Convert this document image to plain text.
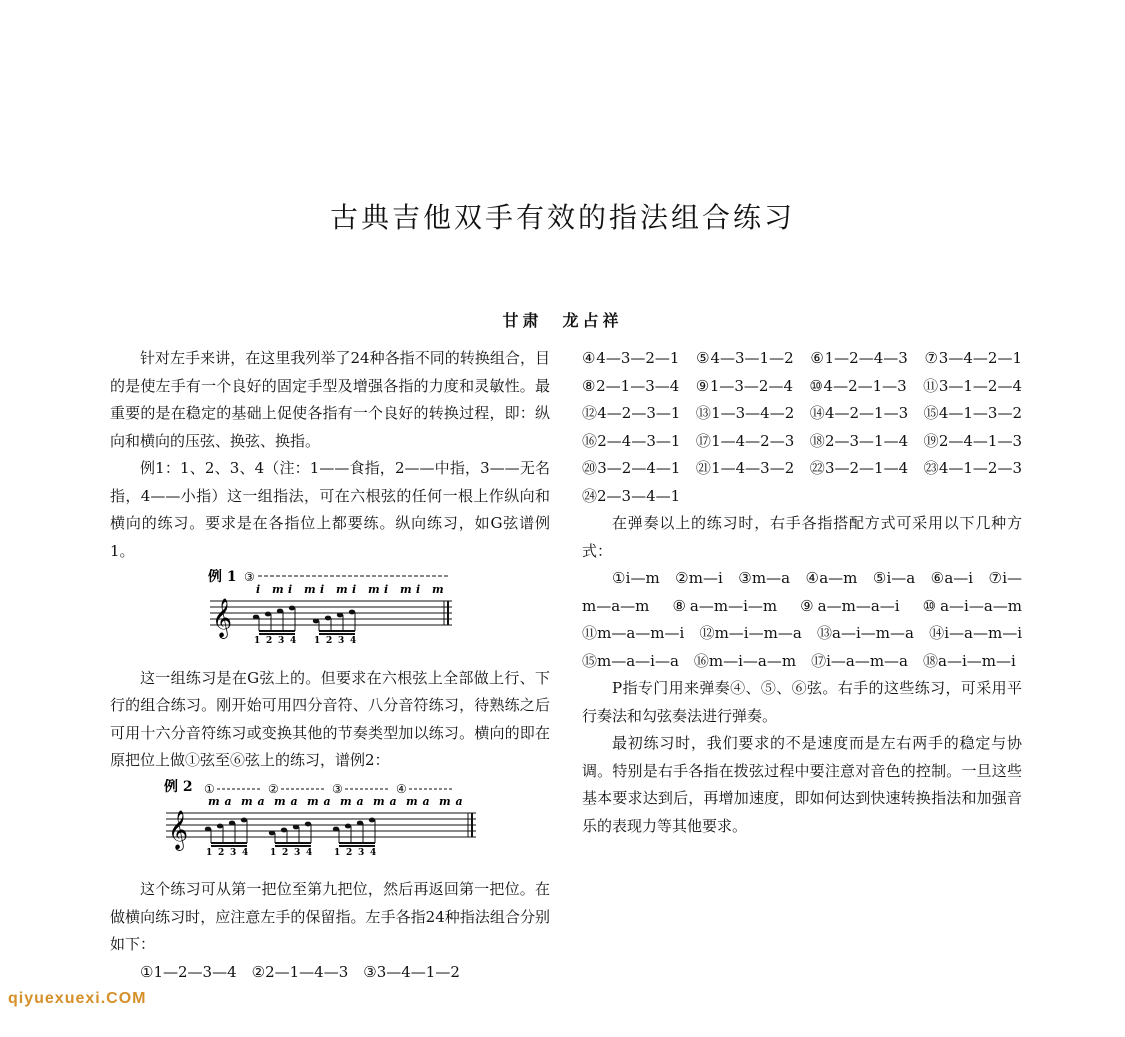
古典吉他双手有效的指法组合练习
甘肃　龙占祥

针对左手来讲，在这里我列举了24种各指不同的转换组合，目的是使左手有一个良好的固定手型及增强各指的力度和灵敏性。最重要的是在稳定的基础上促使各指有一个良好的转换过程，即：纵向和横向的压弦、换弦、换指。

例1：1、2、3、4（注：1——食指，2——中指，3——无名指，4——小指）这一组指法，可在六根弦的任何一根上作纵向和横向的练习。要求是在各指位上都要练。纵向练习，如G弦谱例1。

例 1 ③
i m i m i m i m i m i m
𝄞
1 2 3 4 1 2 3 4

这一组练习是在G弦上的。但要求在六根弦上全部做上行、下行的组合练习。刚开始可用四分音符、八分音符练习，待熟练之后可用十六分音符练习或变换其他的节奏类型加以练习。横向的即在原把位上做①弦至⑥弦上的练习，谱例2：

例 2 ①	②	③	④
m a m a m a m a m a m a m a m a
𝄞
1 2 3 4 1 2 3 4 1 2 3 4

这个练习可从第一把位至第九把位，然后再返回第一把位。在做横向练习时，应注意左手的保留指。左手各指24种指法组合分别如下：

①1—2—3—4　②2—1—4—3　③3—4—1—2

④4—3—2—1　⑤4—3—1—2　⑥1—2—4—3　⑦3—4—2—1　⑧2—1—3—4　⑨1—3—2—4　⑩4—2—1—3　⑪3—1—2—4　⑫4—2—3—1　⑬1—3—4—2　⑭4—2—1—3　⑮4—1—3—2　⑯2—4—3—1　⑰1—4—2—3　⑱2—3—1—4　⑲2—4—1—3　⑳3—2—4—1　㉑1—4—3—2　㉒3—2—1—4　㉓4—1—2—3　㉔2—3—4—1

在弹奏以上的练习时，右手各指搭配方式可采用以下几种方式：

①i—m　②m—i　③m—a　④a—m　⑤i—a　⑥a—i　⑦i—m—a—m　⑧a—m—i—m　⑨a—m—a—i　⑩a—i—a—m　⑪m—a—m—i　⑫m—i—m—a　⑬a—i—m—a　⑭i—a—m—i　⑮m—a—i—a　⑯m—i—a—m　⑰i—a—m—a　⑱a—i—m—i

P指专门用来弹奏④、⑤、⑥弦。右手的这些练习，可采用平行奏法和勾弦奏法进行弹奏。

最初练习时，我们要求的不是速度而是左右两手的稳定与协调。特别是右手各指在拨弦过程中要注意对音色的控制。一旦这些基本要求达到后，再增加速度，即如何达到快速转换指法和加强音乐的表现力等其他要求。

qiyuexuexi.COM
